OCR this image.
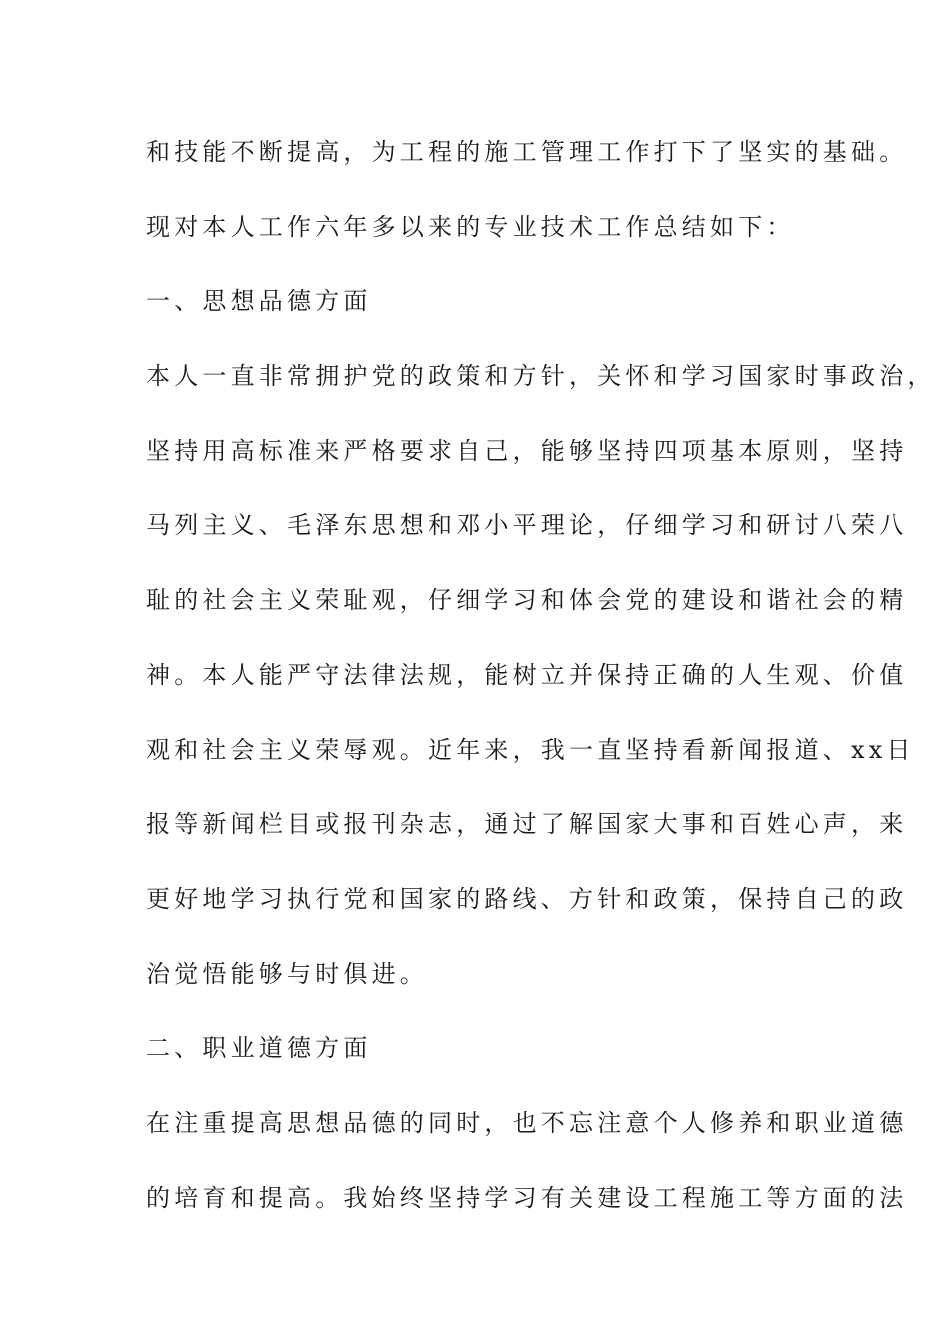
和技能不断提高，为工程的施工管理工作打下了坚实的基础。
现对本人工作六年多以来的专业技术工作总结如下：
一、思想品德方面
本人一直非常拥护党的政策和方针，关怀和学习国家时事政治，
坚持用高标准来严格要求自己，能够坚持四项基本原则，坚持
马列主义、毛泽东思想和邓小平理论，仔细学习和研讨八荣八
耻的社会主义荣耻观，仔细学习和体会党的建设和谐社会的精
神。本人能严守法律法规，能树立并保持正确的人生观、价值
观和社会主义荣辱观。近年来，我一直坚持看新闻报道、xx日
报等新闻栏目或报刊杂志，通过了解国家大事和百姓心声，来
更好地学习执行党和国家的路线、方针和政策，保持自己的政
治觉悟能够与时俱进。
二、职业道德方面
在注重提高思想品德的同时，也不忘注意个人修养和职业道德
的培育和提高。我始终坚持学习有关建设工程施工等方面的法
